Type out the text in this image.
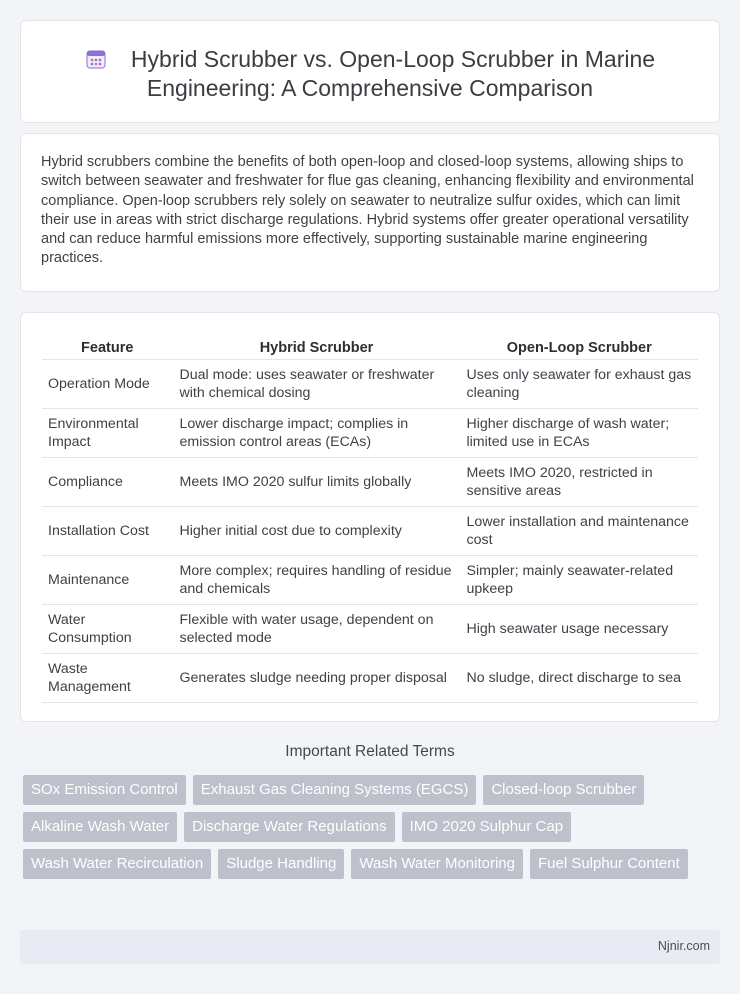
Hybrid Scrubber vs. Open-Loop Scrubber in Marine
Engineering: A Comprehensive Comparison

Hybrid scrubbers combine the benefits of both open-loop and closed-loop systems, allowing ships to switch between seawater and freshwater for flue gas cleaning, enhancing flexibility and environmental compliance. Open-loop scrubbers rely solely on seawater to neutralize sulfur oxides, which can limit their use in areas with strict discharge regulations. Hybrid systems offer greater operational versatility and can reduce harmful emissions more effectively, supporting sustainable marine engineering practices.

Feature	Hybrid Scrubber	Open-Loop Scrubber
Operation Mode	Dual mode: uses seawater or freshwater with chemical dosing	Uses only seawater for exhaust gas cleaning
Environmental Impact	Lower discharge impact; complies in emission control areas (ECAs)	Higher discharge of wash water; limited use in ECAs
Compliance	Meets IMO 2020 sulfur limits globally	Meets IMO 2020, restricted in sensitive areas
Installation Cost	Higher initial cost due to complexity	Lower installation and maintenance cost
Maintenance	More complex; requires handling of residue and chemicals	Simpler; mainly seawater-related upkeep
Water Consumption	Flexible with water usage, dependent on selected mode	High seawater usage necessary
Waste Management	Generates sludge needing proper disposal	No sludge, direct discharge to sea
Important Related Terms
SOx Emission Control	Exhaust Gas Cleaning Systems (EGCS)	Closed-loop Scrubber
Alkaline Wash Water	Discharge Water Regulations	IMO 2020 Sulphur Cap
Wash Water Recirculation	Sludge Handling	Wash Water Monitoring	Fuel Sulphur Content
Njnir.com
